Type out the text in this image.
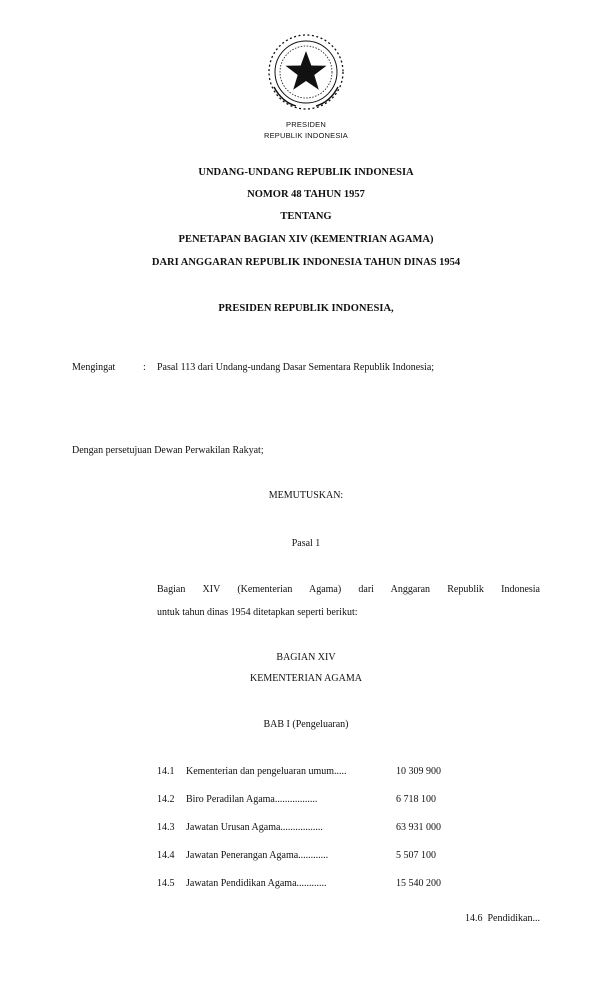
PRESIDEN
REPUBLIK INDONESIA
UNDANG-UNDANG REPUBLIK INDONESIA
NOMOR 48 TAHUN 1957
TENTANG
PENETAPAN BAGIAN XIV (KEMENTRIAN AGAMA)
DARI ANGGARAN REPUBLIK INDONESIA TAHUN DINAS 1954
PRESIDEN REPUBLIK INDONESIA,
Mengingat	: Pasal 113 dari Undang-undang Dasar Sementara Republik Indonesia;
Dengan persetujuan Dewan Perwakilan Rakyat;
MEMUTUSKAN:
Pasal 1
Bagian XIV (Kementerian Agama) dari Anggaran Republik Indonesia
untuk tahun dinas 1954 ditetapkan seperti berikut:
BAGIAN XIV
KEMENTERIAN AGAMA
BAB I (Pengeluaran)
14.1 Kementerian dan pengeluaran umum.....	10 309 900
14.2 Biro Peradilan Agama.................	6 718 100
14.3 Jawatan Urusan Agama.................	63 931 000
14.4 Jawatan Penerangan Agama............	5 507 100
14.5 Jawatan Pendidikan Agama............	15 540 200
14.6  Pendidikan...
